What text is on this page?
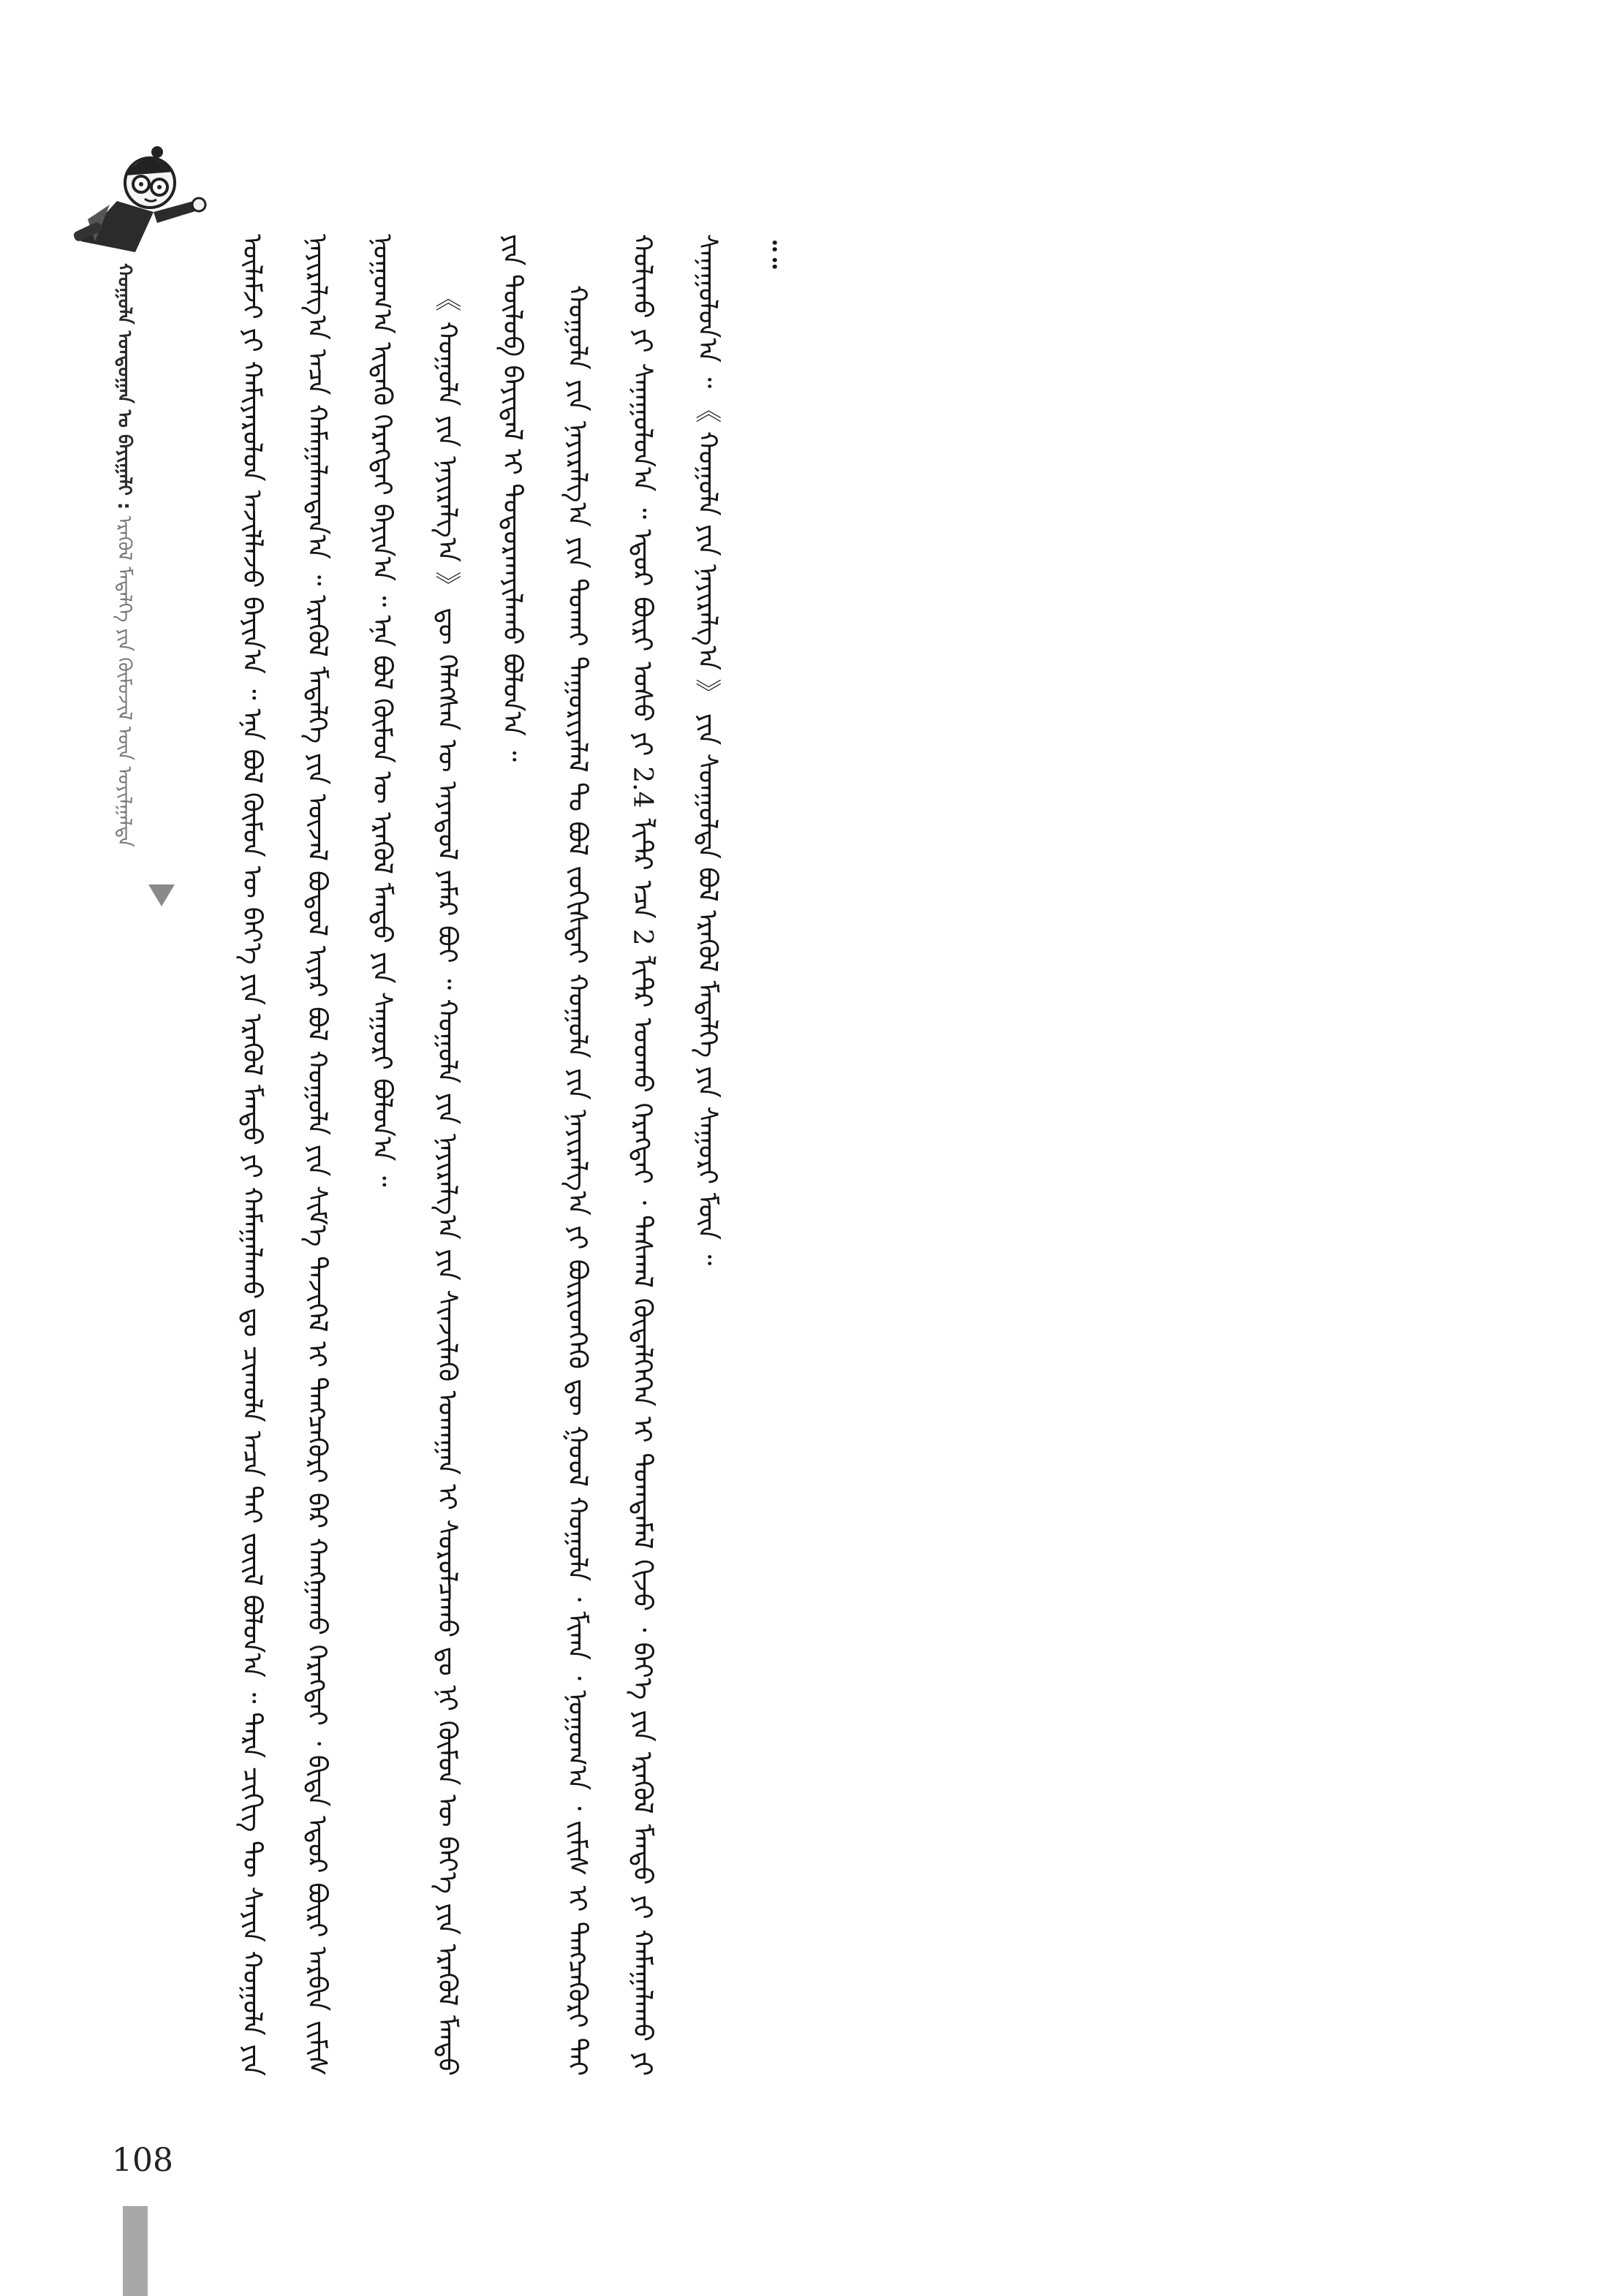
ᠬᠣᠭᠣᠯᠠ ᠤᠨᠳᠤᠭᠠᠨ ᠤ ᠪᠠᠶᠢᠭᠠᠯᠢ : ᠡᠷᠡᠭᠦᠯ ᠮᠡᠳᠡᠯᠭᠡ ᠶᠢᠨ ᠬᠥᠮᠦᠵᠢᠯ ᠦᠨ ᠣᠶᠢᠯᠭᠠᠯᠲᠠ	ᠦᠯᠡᠮᠵᠢ ᠶᠢ ᠬᠠᠮᠢᠶᠠᠷᠤᠯᠤᠨ ᠠᠵᠢᠯᠯᠠᠵᠤ ᠪᠠᠶᠢᠨ᠎ᠠ ᠃ ᠡᠨᠡ ᠪᠣᠯ ᠬᠦᠮᠦᠨ ᠦ ᠪᠡᠶ᠎ᠡ ᠶᠢᠨ ᠡᠷᠡᠭᠦᠯ ᠮᠡᠨᠳᠦ ᠶᠢ ᠬᠠᠮᠠᠭᠠᠯᠠᠬᠤ ᠳᠤ ᠴᠢᠬᠤᠯᠠ ᠠᠴᠠ ᠲᠠᠢ ᠵᠦᠢᠯ ᠪᠣᠯᠤᠨ᠎ᠠ ᠃ ᠲᠡᠷᠡ ᠴᠢᠭᠢᠭ ᠲᠦ ᠰᠠᠶᠢᠨ ᠬᠣᠭᠣᠯᠠ ᠶᠢᠨ ᠨᠠᠶᠢᠷᠠᠯᠭ᠎ᠠ ᠠᠴᠠ ᠬᠠᠮᠠᠭᠠᠯᠠᠭᠳᠠᠨ᠎ᠠ ᠃ ᠡᠷᠡᠭᠦᠯ ᠮᠡᠳᠡᠯᠭᠡ ᠶᠢᠨ ᠦᠵᠡᠯ ᠪᠣᠳᠤᠯ ᠢᠶᠠᠷ ᠪᠣᠯ ᠬᠣᠭᠣᠯᠠ ᠶᠢᠨ ᠰᠢᠮ᠎ᠡ ᠲᠡᠵᠢᠭᠡᠯ ᠢ ᠲᠡᠩᠴᠡᠭᠦᠷᠢ ᠪᠠᠷ ᠬᠠᠩᠭᠠᠬᠤ ᠬᠡᠷᠡᠭᠲᠡᠢ ᠂ ᠪᠢᠳᠡ ᠡᠳᠦᠷ ᠪᠦᠷᠢ ᠠᠷᠪᠢᠨ ᠵᠢᠮᠢᠰ ᠨᠣᠭᠣᠭ᠎ᠠ ᠢᠳᠡᠬᠦ ᠬᠡᠷᠡᠭᠲᠡᠢ ᠪᠠᠶᠢᠨ᠎ᠠ ᠃ ᠡᠨᠡ ᠪᠣᠯ ᠬᠦᠮᠦᠨ ᠦ ᠡᠷᠡᠭᠦᠯ ᠮᠡᠨᠳᠦ ᠶᠢᠨ ᠰᠠᠭᠤᠷᠢ ᠪᠣᠯᠤᠨ᠎ᠠ ᠃	《 ᠬᠣᠭᠣᠯᠠ ᠶᠢᠨ ᠨᠠᠶᠢᠷᠠᠯᠭ᠎ᠠ 》 ᠳᠦ ᠬᠡᠯᠡᠭᠰᠡᠨ ᠦ ᠠᠶᠠᠳᠤᠯ ᠶᠠᠮᠠᠷ ᠪᠣᠢ ᠃ ᠬᠣᠭᠣᠯᠠ ᠶᠢᠨ ᠨᠠᠶᠢᠷᠠᠯᠭ᠎ᠠ ᠶᠢᠨ ᠰᠢᠨᠵᠢᠯᠡᠬᠦ ᠤᠬᠠᠭᠠᠨ ᠢ ᠰᠤᠷᠤᠯᠴᠠᠬᠤ ᠳᠤ ᠨᠢ ᠬᠦᠮᠦᠨ ᠦ ᠪᠡᠶ᠎ᠡ ᠶᠢᠨ ᠡᠷᠡᠭᠦᠯ ᠮᠡᠨᠳᠦ ᠶᠢᠨ ᠲᠥᠯᠦᠪ ᠪᠠᠶᠢᠳᠠᠯ ᠢ ᠲᠣᠳᠤᠷᠬᠠᠶᠢᠯᠠᠬᠤ ᠪᠣᠯᠤᠨ᠎ᠠ ᠃	ᠬᠣᠭᠣᠯᠠ ᠶᠢᠨ ᠨᠠᠶᠢᠷᠠᠯᠭ᠎ᠠ ᠶᠢᠨ ᠲᠤᠬᠠᠢ ᠳᠠᠭᠤᠷᠢᠶᠠᠯᠠᠯ ᠲᠤ ᠪᠣᠯ ᠵᠣᠬᠢᠰᠲᠠᠢ ᠬᠣᠭᠣᠯᠠ ᠶᠢᠨ ᠨᠠᠶᠢᠷᠠᠯᠭ᠎ᠠ ᠶᠢ ᠪᠦᠷᠢᠳᠬᠡᠬᠦ ᠳᠦ ᠭᠣᠣᠯ ᠬᠣᠭᠣᠯᠠ ᠂ ᠮᠢᠬᠠ ᠂ ᠨᠣᠭᠣᠭ᠎ᠠ ᠂ ᠵᠢᠮᠢᠰ ᠢ ᠲᠡᠩᠴᠡᠭᠦᠷᠢ ᠲᠠᠢ ᠬᠣᠯᠢᠬᠤ ᠶᠢ ᠰᠠᠨᠠᠭᠤᠯᠤᠨ᠎ᠠ ᠃ ᠡᠳᠦᠷ ᠪᠦᠷᠢ ᠤᠰᠤ ᠶᠢ 2.4 ᠯᠢᠲ᠋ᠷ ᠡᠴᠡ 2 ᠯᠢᠲ᠋ᠷ ᠤᠤᠬᠤ ᠬᠡᠷᠡᠭᠲᠡᠢ ᠂ ᠳᠠᠰᠬᠠᠯ ᠬᠥᠳᠡᠯᠭᠡᠭᠡᠨ ᠢ ᠲᠣᠭᠲᠠᠮᠠᠯ ᠬᠢᠵᠦ ᠂ ᠪᠡᠶ᠎ᠡ ᠶᠢᠨ ᠡᠷᠡᠭᠦᠯ ᠮᠡᠨᠳᠦ ᠶᠢ ᠬᠠᠮᠠᠭᠠᠯᠠᠬᠤ ᠶᠢ ᠰᠠᠨᠠᠭᠤᠯᠤᠨ᠎ᠠ ᠃ 《 ᠬᠣᠭᠣᠯᠠ ᠶᠢᠨ ᠨᠠᠶᠢᠷᠠᠯᠭ᠎ᠠ 》 ᠶᠢᠨ ᠰᠣᠨᠭᠣᠯᠲᠠ ᠪᠣᠯ ᠡᠷᠡᠭᠦᠯ ᠮᠡᠳᠡᠯᠭᠡ ᠶᠢᠨ ᠰᠠᠭᠤᠷᠢ ᠮᠥᠨ ᠃	᠃᠃

108
